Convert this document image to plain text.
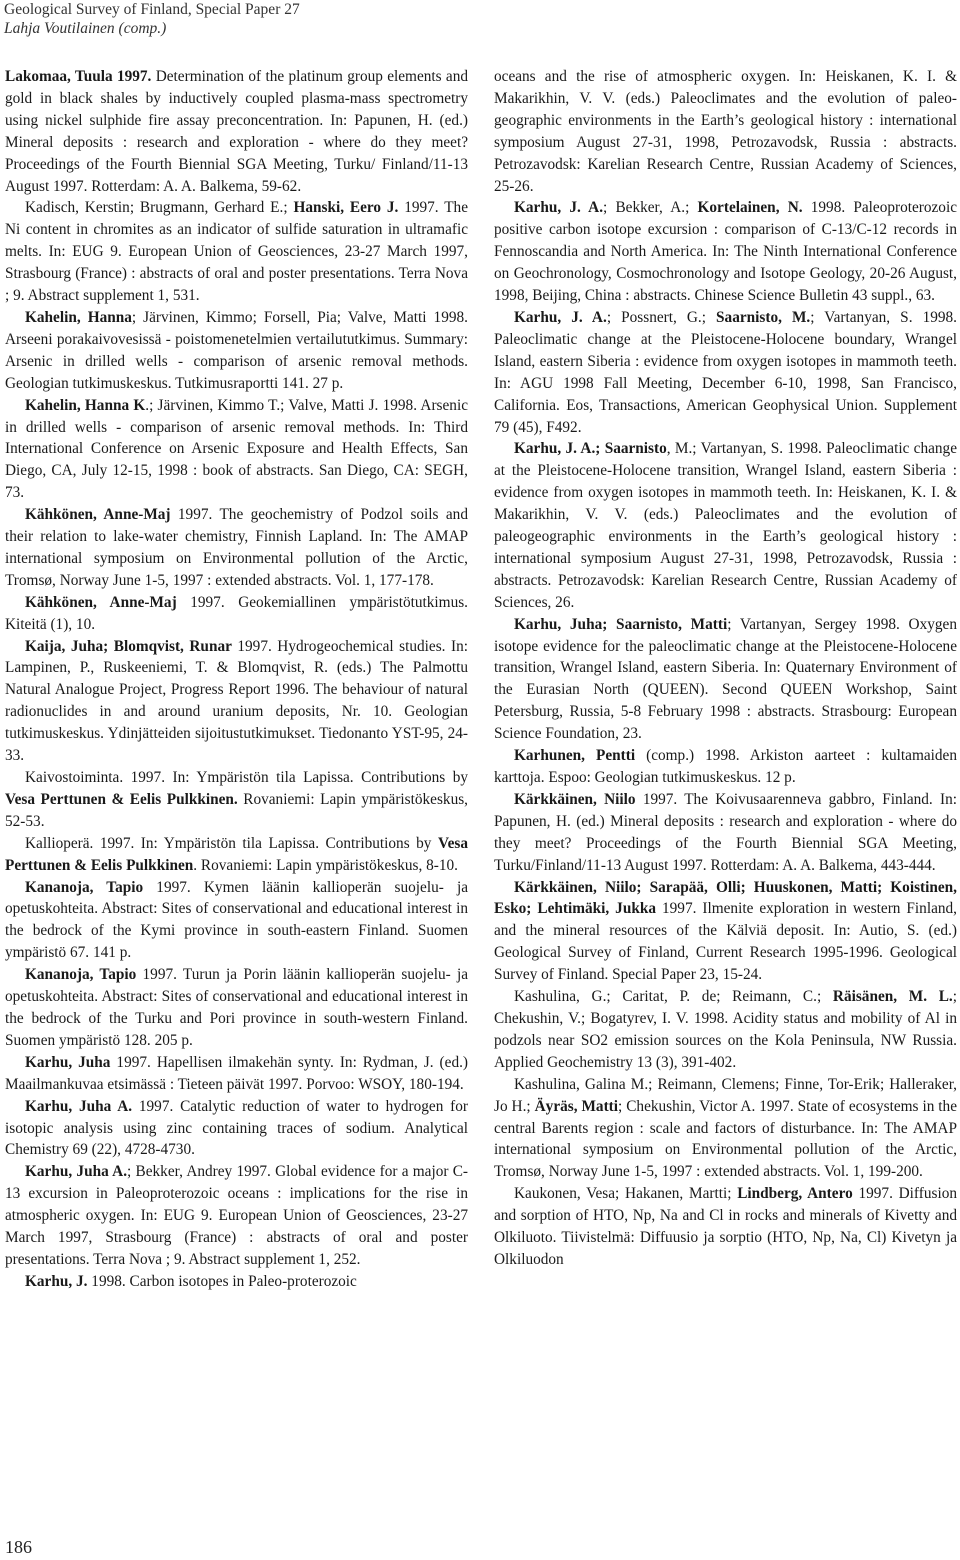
Geological Survey of Finland, Special Paper 27
Lahja Voutilainen (comp.)

Lakomaa, Tuula 1997. Determination of the platinum group elements and gold in black shales by inductively coupled plasma-mass spectrometry using nickel sulphide fire assay preconcentration. In: Papunen, H. (ed.) Mineral deposits : research and exploration - where do they meet? Proceedings of the Fourth Biennial SGA Meeting, Turku/ Finland/11-13 August 1997. Rotterdam: A. A. Balkema, 59-62.

Kadisch, Kerstin; Brugmann, Gerhard E.; Hanski, Eero J. 1997. The Ni content in chromites as an indicator of sulfide saturation in ultramafic melts. In: EUG 9. European Union of Geosciences, 23-27 March 1997, Strasbourg (France) : abstracts of oral and poster presentations. Terra Nova ; 9. Abstract supplement 1, 531.

Kahelin, Hanna; Järvinen, Kimmo; Forsell, Pia; Valve, Matti 1998. Arseeni porakaivovesissä - poistomenetelmien vertailututkimus. Summary: Arsenic in drilled wells - comparison of arsenic removal methods. Geologian tutkimuskeskus. Tutkimusraportti 141. 27 p.

Kahelin, Hanna K.; Järvinen, Kimmo T.; Valve, Matti J. 1998. Arsenic in drilled wells - comparison of arsenic removal methods. In: Third International Conference on Arsenic Exposure and Health Effects, San Diego, CA, July 12-15, 1998 : book of abstracts. San Diego, CA: SEGH, 73.

Kähkönen, Anne-Maj 1997. The geochemistry of Podzol soils and their relation to lake-water chemistry, Finnish Lapland. In: The AMAP international symposium on Environmental pollution of the Arctic, Tromsø, Norway June 1-5, 1997 : extended abstracts. Vol. 1, 177-178.

Kähkönen, Anne-Maj 1997. Geokemiallinen ympäristötutkimus. Kiteitä (1), 10.

Kaija, Juha; Blomqvist, Runar 1997. Hydrogeochemical studies. In: Lampinen, P., Ruskeeniemi, T. & Blomqvist, R. (eds.) The Palmottu Natural Analogue Project, Progress Report 1996. The behaviour of natural radionuclides in and around uranium deposits, Nr. 10. Geologian tutkimuskeskus. Ydinjätteiden sijoitustutkimukset. Tiedonanto YST-95, 24-33.

Kaivostoiminta. 1997. In: Ympäristön tila Lapissa. Contributions by Vesa Perttunen & Eelis Pulkkinen. Rovaniemi: Lapin ympäristökeskus, 52-53.

Kallioperä. 1997. In: Ympäristön tila Lapissa. Contributions by Vesa Perttunen & Eelis Pulkkinen. Rovaniemi: Lapin ympäristökeskus, 8-10.

Kananoja, Tapio 1997. Kymen läänin kallioperän suojelu- ja opetuskohteita. Abstract: Sites of conservational and educational interest in the bedrock of the Kymi province in south-eastern Finland. Suomen ympäristö 67. 141 p.

Kananoja, Tapio 1997. Turun ja Porin läänin kallioperän suojelu- ja opetuskohteita. Abstract: Sites of conservational and educational interest in the bedrock of the Turku and Pori province in south-western Finland. Suomen ympäristö 128. 205 p.

Karhu, Juha 1997. Hapellisen ilmakehän synty. In: Rydman, J. (ed.) Maailmankuvaa etsimässä : Tieteen päivät 1997. Porvoo: WSOY, 180-194.

Karhu, Juha A. 1997. Catalytic reduction of water to hydrogen for isotopic analysis using zinc containing traces of sodium. Analytical Chemistry 69 (22), 4728-4730.

Karhu, Juha A.; Bekker, Andrey 1997. Global evidence for a major C-13 excursion in Paleoproterozoic oceans : implications for the rise in atmospheric oxygen. In: EUG 9. European Union of Geosciences, 23-27 March 1997, Strasbourg (France) : abstracts of oral and poster presentations. Terra Nova ; 9. Abstract supplement 1, 252.

Karhu, J. 1998. Carbon isotopes in Paleo-proterozoic

oceans and the rise of atmospheric oxygen. In: Heiskanen, K. I. & Makarikhin, V. V. (eds.) Paleoclimates and the evolution of paleo-geographic environments in the Earth’s geological history : international symposium August 27-31, 1998, Petrozavodsk, Russia : abstracts. Petrozavodsk: Karelian Research Centre, Russian Academy of Sciences, 25-26.

Karhu, J. A.; Bekker, A.; Kortelainen, N. 1998. Paleoproterozoic positive carbon isotope excursion : comparison of C-13/C-12 records in Fennoscandia and North America. In: The Ninth International Conference on Geochronology, Cosmochronology and Isotope Geology, 20-26 August, 1998, Beijing, China : abstracts. Chinese Science Bulletin 43 suppl., 63.

Karhu, J. A.; Possnert, G.; Saarnisto, M.; Vartanyan, S. 1998. Paleoclimatic change at the Pleistocene-Holocene boundary, Wrangel Island, eastern Siberia : evidence from oxygen isotopes in mammoth teeth. In: AGU 1998 Fall Meeting, December 6-10, 1998, San Francisco, California. Eos, Transactions, American Geophysical Union. Supplement 79 (45), F492.

Karhu, J. A.; Saarnisto, M.; Vartanyan, S. 1998. Paleoclimatic change at the Pleistocene-Holocene transition, Wrangel Island, eastern Siberia : evidence from oxygen isotopes in mammoth teeth. In: Heiskanen, K. I. & Makarikhin, V. V. (eds.) Paleoclimates and the evolution of paleogeographic environments in the Earth’s geological history : international symposium August 27-31, 1998, Petrozavodsk, Russia : abstracts. Petrozavodsk: Karelian Research Centre, Russian Academy of Sciences, 26.

Karhu, Juha; Saarnisto, Matti; Vartanyan, Sergey 1998. Oxygen isotope evidence for the paleoclimatic change at the Pleistocene-Holocene transition, Wrangel Island, eastern Siberia. In: Quaternary Environment of the Eurasian North (QUEEN). Second QUEEN Workshop, Saint Petersburg, Russia, 5-8 February 1998 : abstracts. Strasbourg: European Science Foundation, 23.

Karhunen, Pentti (comp.) 1998. Arkiston aarteet : kultamaiden karttoja. Espoo: Geologian tutkimuskeskus. 12 p.

Kärkkäinen, Niilo 1997. The Koivusaarenneva gabbro, Finland. In: Papunen, H. (ed.) Mineral deposits : research and exploration - where do they meet? Proceedings of the Fourth Biennial SGA Meeting, Turku/Finland/11-13 August 1997. Rotterdam: A. A. Balkema, 443-444.

Kärkkäinen, Niilo; Sarapää, Olli; Huuskonen, Matti; Koistinen, Esko; Lehtimäki, Jukka 1997. Ilmenite exploration in western Finland, and the mineral resources of the Kälviä deposit. In: Autio, S. (ed.) Geological Survey of Finland, Current Research 1995-1996. Geological Survey of Finland. Special Paper 23, 15-24.

Kashulina, G.; Caritat, P. de; Reimann, C.; Räisänen, M. L.; Chekushin, V.; Bogatyrev, I. V. 1998. Acidity status and mobility of Al in podzols near SO2 emission sources on the Kola Peninsula, NW Russia. Applied Geochemistry 13 (3), 391-402.

Kashulina, Galina M.; Reimann, Clemens; Finne, Tor-Erik; Halleraker, Jo H.; Äyräs, Matti; Chekushin, Victor A. 1997. State of ecosystems in the central Barents region : scale and factors of disturbance. In: The AMAP international symposium on Environmental pollution of the Arctic, Tromsø, Norway June 1-5, 1997 : extended abstracts. Vol. 1, 199-200.

Kaukonen, Vesa; Hakanen, Martti; Lindberg, Antero 1997. Diffusion and sorption of HTO, Np, Na and Cl in rocks and minerals of Kivetty and Olkiluoto. Tiivistelmä: Diffuusio ja sorptio (HTO, Np, Na, Cl) Kivetyn ja Olkiluodon

186
